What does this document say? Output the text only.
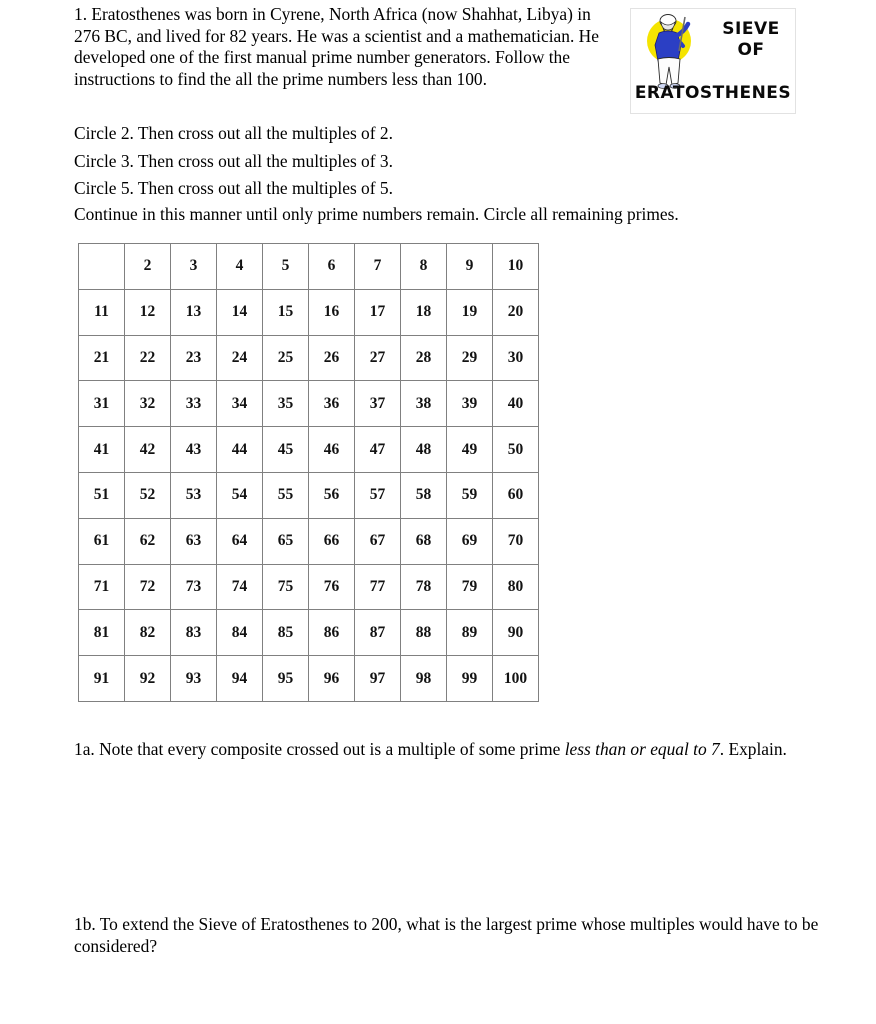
1. Eratosthenes was born in Cyrene, North Africa (now Shahhat, Libya) in 276 BC, and lived for 82 years. He was a scientist and a mathematician. He developed one of the first manual prime number generators. Follow the instructions to find the all the prime numbers less than 100.
SIEVE
OF
ERATOSTHENES
Circle 2. Then cross out all the multiples of 2.
Circle 3. Then cross out all the multiples of 3.
Circle 5. Then cross out all the multiples of 5.
Continue in this manner until only prime numbers remain. Circle all remaining primes.
	2	3	4	5	6	7	8	9	10
11	12	13	14	15	16	17	18	19	20
21	22	23	24	25	26	27	28	29	30
31	32	33	34	35	36	37	38	39	40
41	42	43	44	45	46	47	48	49	50
51	52	53	54	55	56	57	58	59	60
61	62	63	64	65	66	67	68	69	70
71	72	73	74	75	76	77	78	79	80
81	82	83	84	85	86	87	88	89	90
91	92	93	94	95	96	97	98	99	100
1a. Note that every composite crossed out is a multiple of some prime less than or equal to 7. Explain.
1b. To extend the Sieve of Eratosthenes to 200, what is the largest prime whose multiples would have to be considered?
